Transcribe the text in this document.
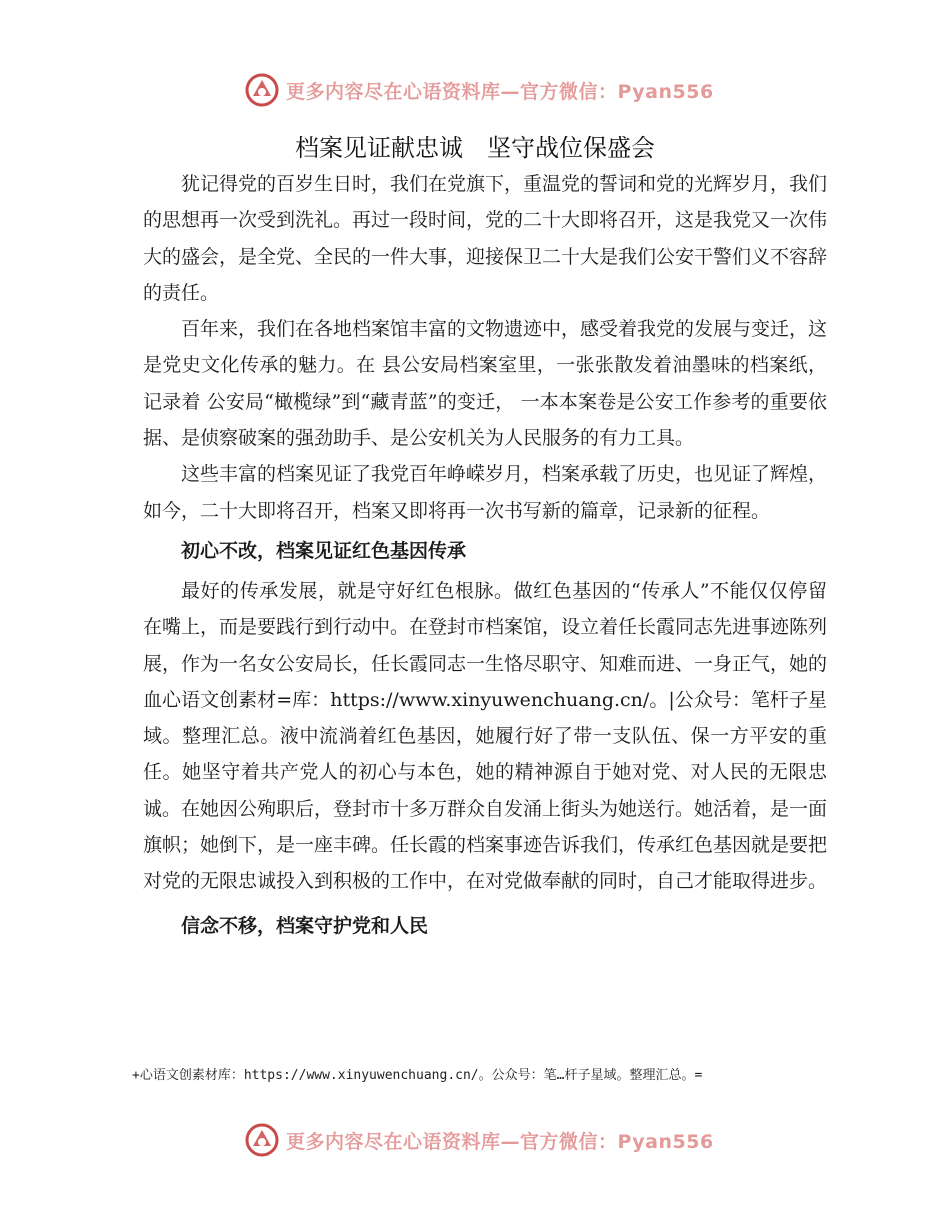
更多内容尽在心语资料库—官方微信：Pyan556
档案见证献忠诚　坚守战位保盛会

犹记得党的百岁生日时，我们在党旗下，重温党的誓词和党的光辉岁月，我们的思想再一次受到洗礼。再过一段时间，党的二十大即将召开，这是我党又一次伟大的盛会，是全党、全民的一件大事，迎接保卫二十大是我们公安干警们义不容辞的责任。

百年来，我们在各地档案馆丰富的文物遗迹中，感受着我党的发展与变迁，这是党史文化传承的魅力。在 县公安局档案室里，一张张散发着油墨味的档案纸，记录着 公安局“橄榄绿”到“藏青蓝”的变迁， 一本本案卷是公安工作参考的重要依据、是侦察破案的强劲助手、是公安机关为人民服务的有力工具。

这些丰富的档案见证了我党百年峥嵘岁月，档案承载了历史，也见证了辉煌，如今，二十大即将召开，档案又即将再一次书写新的篇章，记录新的征程。

初心不改，档案见证红色基因传承

最好的传承发展，就是守好红色根脉。做红色基因的“传承人”不能仅仅停留在嘴上，而是要践行到行动中。在登封市档案馆，设立着任长霞同志先进事迹陈列展，作为一名女公安局长，任长霞同志一生恪尽职守、知难而进、一身正气，她的血心语文创素材=库：https://www.xinyuwenchuang.cn/。|公众号：笔杆子星域。整理汇总。液中流淌着红色基因，她履行好了带一支队伍、保一方平安的重任。她坚守着共产党人的初心与本色，她的精神源自于她对党、对人民的无限忠诚。在她因公殉职后，登封市十多万群众自发涌上街头为她送行。她活着，是一面旗帜；她倒下，是一座丰碑。任长霞的档案事迹告诉我们，传承红色基因就是要把对党的无限忠诚投入到积极的工作中，在对党做奉献的同时，自己才能取得进步。

信念不移，档案守护党和人民
+心语文创素材库：https://www.xinyuwenchuang.cn/。公众号：笔…杆子星域。整理汇总。=
更多内容尽在心语资料库—官方微信：Pyan556
